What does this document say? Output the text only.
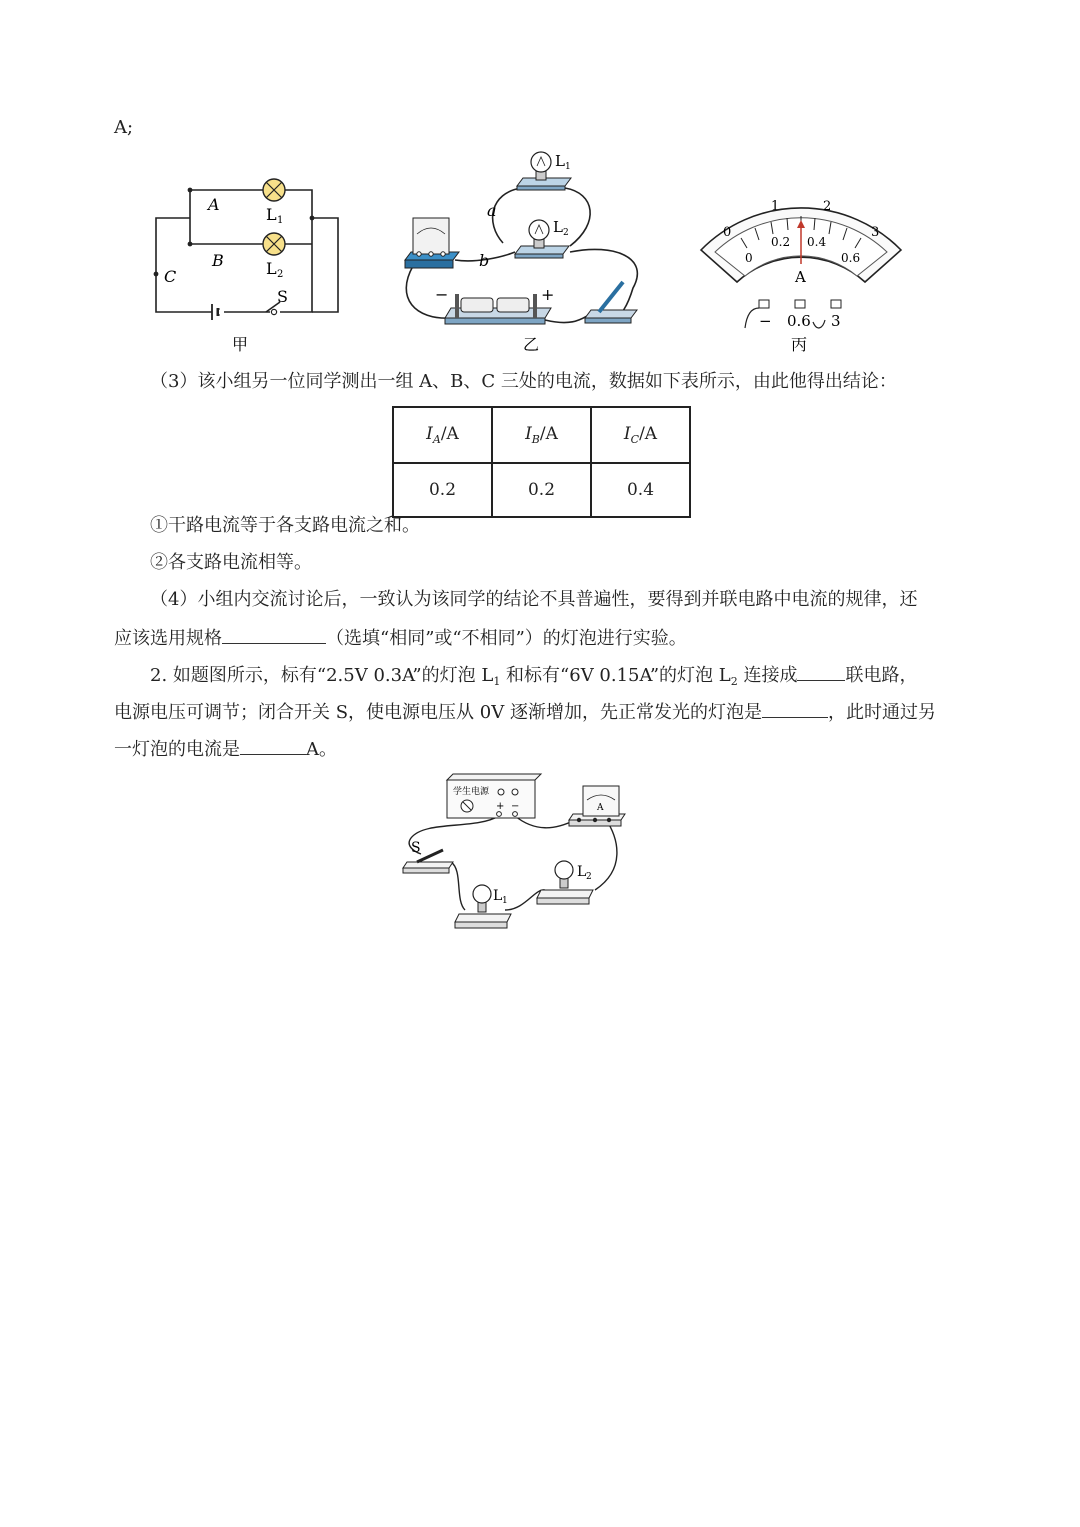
A;
A
B
C
S
L 1
L 2
甲
L 1
L 2
−	+
a
b
乙
0
1	2
3
0
0.2 0.4
0.6
A
− 0.6 3
丙
（3）该小组另一位同学测出一组 A、B、C 三处的电流，数据如下表所示，由此他得出结论：
$I_A/A$	$I_B/A$	$I_C/A$
0.2	0.2	0.4
①干路电流等于各支路电流之和。
②各支路电流相等。
（4）小组内交流讨论后，一致认为该同学的结论不具普遍性，要得到并联电路中电流的规律，还
应该选用规格	（选填“相同”或“不相同”）的灯泡进行实验。
2. 如题图所示，标有“2.5V 0.3A”的灯泡 $L_1$ 和标有“6V 0.15A”的灯泡 $L_2$ 连接成	联电路，
电源电压可调节；闭合开关 S，使电源电压从 0V 逐渐增加，先正常发光的灯泡是	，此时通过另
一灯泡的电流是	A。
学生电源
+ −	A
S
L 1
L 2
